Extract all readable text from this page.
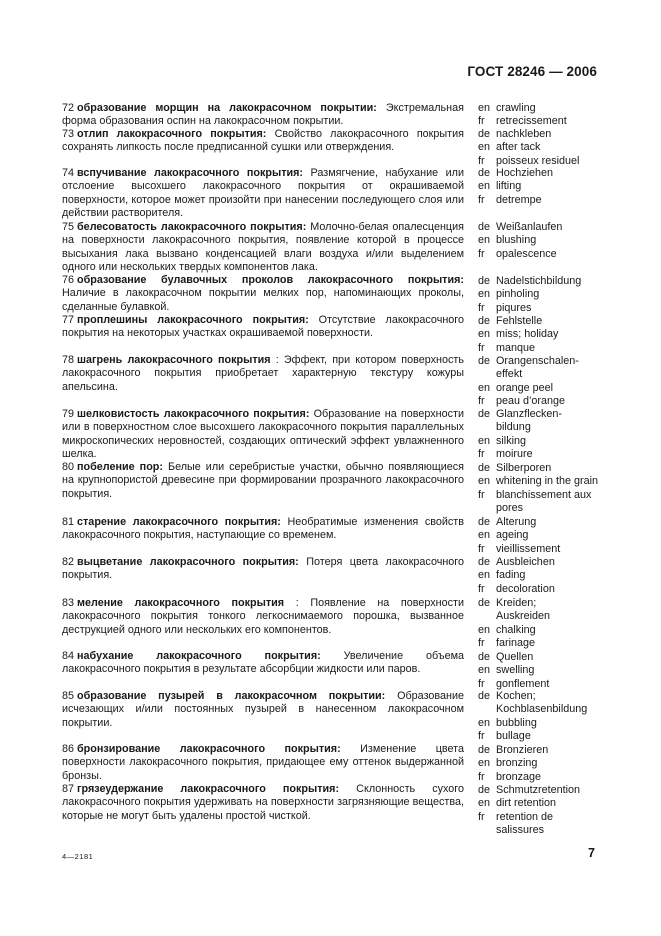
ГОСТ 28246 — 2006
72 образование морщин на лакокрасочном покрытии: Экстремальная форма образования оспин на лакокрасочном покрытии.
en crawling
fr	retrecissement
73 отлип лакокрасочного покрытия: Свойство лакокрасочного покрытия сохранять липкость после предписанной сушки или отверждения.
de nachkleben
en after tack
fr	poisseux residuel
74 вспучивание лакокрасочного покрытия: Размягчение, набухание или отслоение высохшего лакокрасочного покрытия от окрашиваемой поверхности, которое может произойти при нанесении последующего слоя или действии растворителя.
de Hochziehen
en lifting
fr	detrempe
75 белесоватость лакокрасочного покрытия: Молочно-белая опалесценция на поверхности лакокрасочного покрытия, появление которой в процессе высыхания лака вызвано конденсацией влаги воздуха и/или выделением одного или нескольких твердых компонентов лака.
de Weißanlaufen
en blushing
fr	opalescence
76 образование булавочных проколов лакокрасочного покрытия: Наличие в лакокрасочном покрытии мелких пор, напоминающих проколы, сделанные булавкой.
de Nadelstichbildung
en pinholing
fr	piqures
77 проплешины лакокрасочного покрытия: Отсутствие лакокрасочного покрытия на некоторых участках окрашиваемой поверхности.
de Fehlstelle
en miss; holiday
fr	manque
78 шагрень лакокрасочного покрытия : Эффект, при котором поверхность лакокрасочного покрытия приобретает характерную текстуру кожуры апельсина.
de Orangenschalen-
effekt
en orange peel
fr	peau d’orange
79 шелковистость лакокрасочного покрытия: Образование на поверхности или в поверхностном слое высохшего лакокрасочного покрытия параллельных микроскопических неровностей, создающих оптический эффект увлажненного шелка.
de Glanzflecken-
bildung
en silking
fr	moirure
80 побеление пор: Белые или серебристые участки, обычно появляющиеся на крупнопористой древесине при формировании прозрачного лакокрасочного покрытия.
de Silberporen
en whitening in the grain
fr	blanchissement aux
pores
81 старение лакокрасочного покрытия: Необратимые изменения свойств лакокрасочного покрытия, наступающие со временем.
de Alterung
en ageing
fr	vieillissement
82 выцветание лакокрасочного покрытия: Потеря цвета лакокрасочного покрытия.
de Ausbleichen
en fading
fr	decoloration
83 меление лакокрасочного покрытия : Появление на поверхности лакокрасочного покрытия тонкого легкоснимаемого порошка, вызванное деструкцией одного или нескольких его компонентов.
de Kreiden;
Auskreiden
en chalking
fr	farinage
84 набухание лакокрасочного покрытия: Увеличение объема лакокрасочного покрытия в результате абсорбции жидкости или паров.
de Quellen
en swelling
fr	gonflement
85 образование пузырей в лакокрасочном покрытии: Образование исчезающих и/или постоянных пузырей в нанесенном лакокрасочном покрытии.
de Kochen;
Kochblasenbildung
en bubbling
fr	bullage
86 бронзирование лакокрасочного покрытия: Изменение цвета поверхности лакокрасочного покрытия, придающее ему оттенок выдержанной бронзы.
de Bronzieren
en bronzing
fr	bronzage
87 грязеудержание лакокрасочного покрытия: Склонность сухого лакокрасочного покрытия удерживать на поверхности загрязняющие вещества, которые не могут быть удалены простой чисткой.
de Schmutzretention
en dirt retention
fr	retention de
salissures
4—2181	7
